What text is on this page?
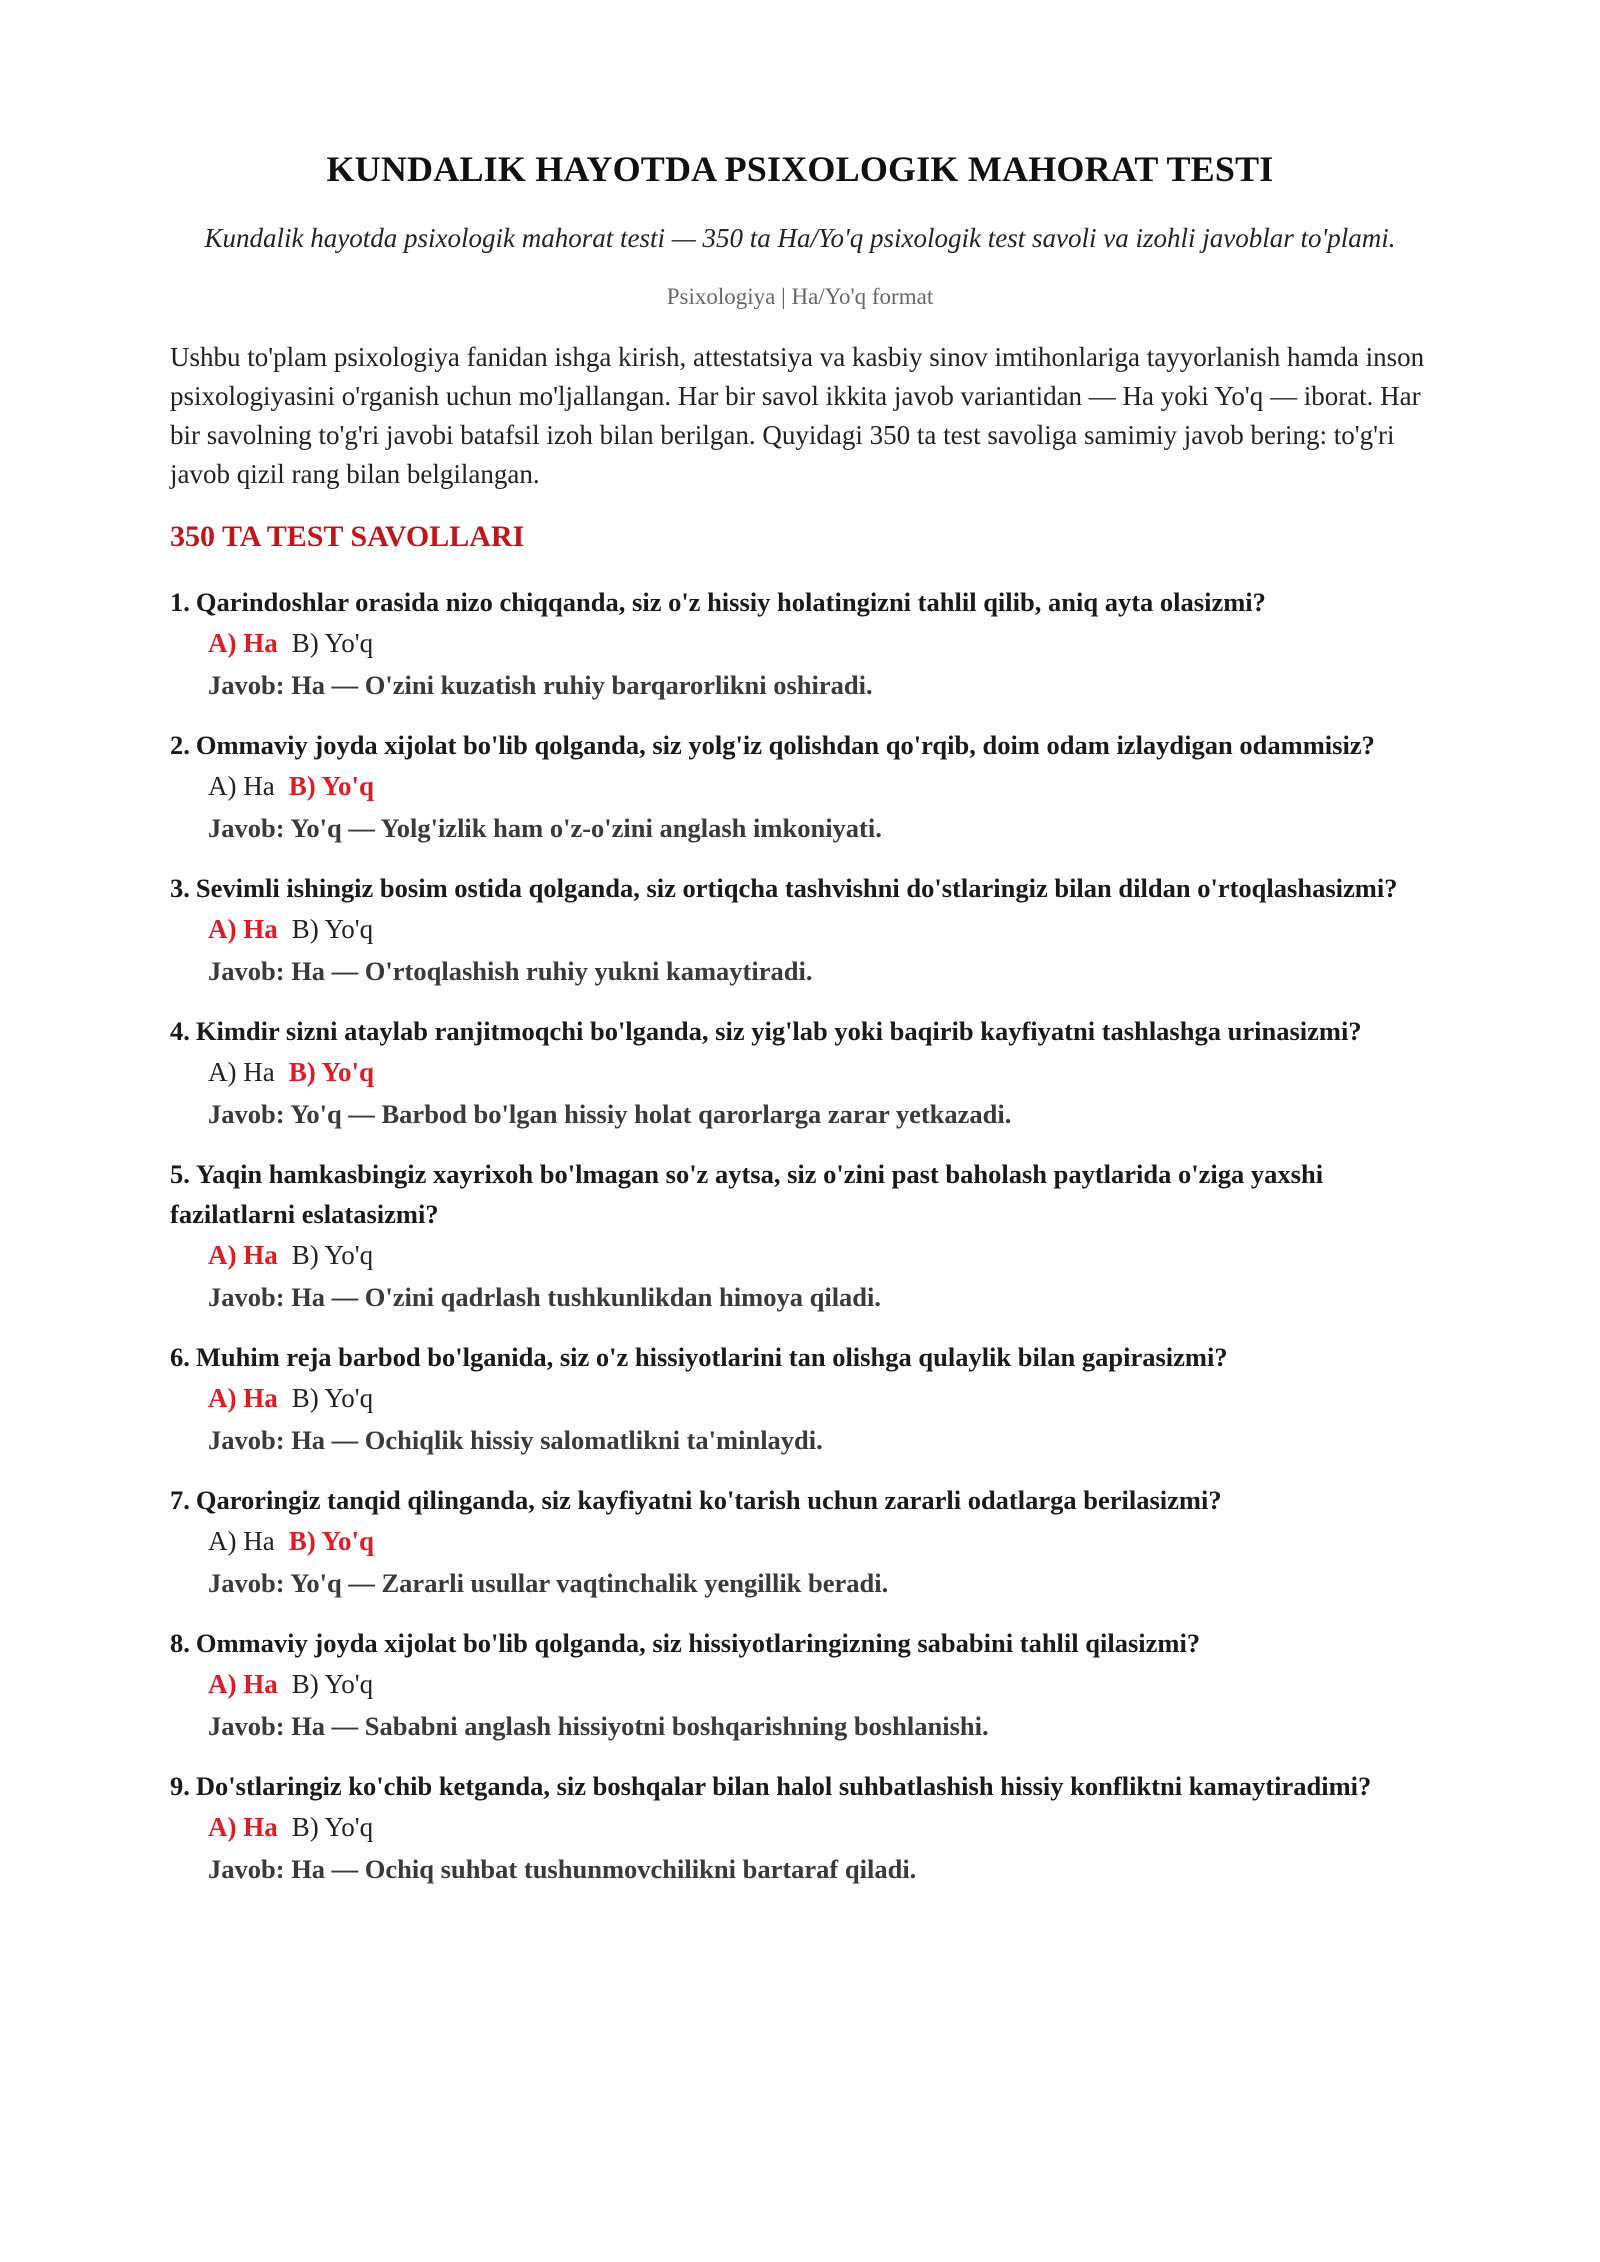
KUNDALIK HAYOTDA PSIXOLOGIK MAHORAT TESTI
Kundalik hayotda psixologik mahorat testi — 350 ta Ha/Yo'q psixologik test savoli va izohli javoblar to'plami.
Psixologiya | Ha/Yo'q format

Ushbu to'plam psixologiya fanidan ishga kirish, attestatsiya va kasbiy sinov imtihonlariga tayyorlanish hamda inson psixologiyasini o'rganish uchun mo'ljallangan. Har bir savol ikkita javob variantidan — Ha yoki Yo'q — iborat. Har bir savolning to'g'ri javobi batafsil izoh bilan berilgan. Quyidagi 350 ta test savoliga samimiy javob bering: to'g'ri javob qizil rang bilan belgilangan.

350 TA TEST SAVOLLARI
1. Qarindoshlar orasida nizo chiqqanda, siz o'z hissiy holatingizni tahlil qilib, aniq ayta olasizmi?
A) Ha B) Yo'q
Javob: Ha — O'zini kuzatish ruhiy barqarorlikni oshiradi.
2. Ommaviy joyda xijolat bo'lib qolganda, siz yolg'iz qolishdan qo'rqib, doim odam izlaydigan odammisiz?
A) Ha B) Yo'q
Javob: Yo'q — Yolg'izlik ham o'z-o'zini anglash imkoniyati.
3. Sevimli ishingiz bosim ostida qolganda, siz ortiqcha tashvishni do'stlaringiz bilan dildan o'rtoqlashasizmi?
A) Ha B) Yo'q
Javob: Ha — O'rtoqlashish ruhiy yukni kamaytiradi.
4. Kimdir sizni ataylab ranjitmoqchi bo'lganda, siz yig'lab yoki baqirib kayfiyatni tashlashga urinasizmi?
A) Ha B) Yo'q
Javob: Yo'q — Barbod bo'lgan hissiy holat qarorlarga zarar yetkazadi.
5. Yaqin hamkasbingiz xayrixoh bo'lmagan so'z aytsa, siz o'zini past baholash paytlarida o'ziga yaxshi fazilatlarni eslatasizmi?
A) Ha B) Yo'q
Javob: Ha — O'zini qadrlash tushkunlikdan himoya qiladi.
6. Muhim reja barbod bo'lganida, siz o'z hissiyotlarini tan olishga qulaylik bilan gapirasizmi?
A) Ha B) Yo'q
Javob: Ha — Ochiqlik hissiy salomatlikni ta'minlaydi.
7. Qaroringiz tanqid qilinganda, siz kayfiyatni ko'tarish uchun zararli odatlarga berilasizmi?
A) Ha B) Yo'q
Javob: Yo'q — Zararli usullar vaqtinchalik yengillik beradi.
8. Ommaviy joyda xijolat bo'lib qolganda, siz hissiyotlaringizning sababini tahlil qilasizmi?
A) Ha B) Yo'q
Javob: Ha — Sababni anglash hissiyotni boshqarishning boshlanishi.
9. Do'stlaringiz ko'chib ketganda, siz boshqalar bilan halol suhbatlashish hissiy konfliktni kamaytiradimi?
A) Ha B) Yo'q
Javob: Ha — Ochiq suhbat tushunmovchilikni bartaraf qiladi.
